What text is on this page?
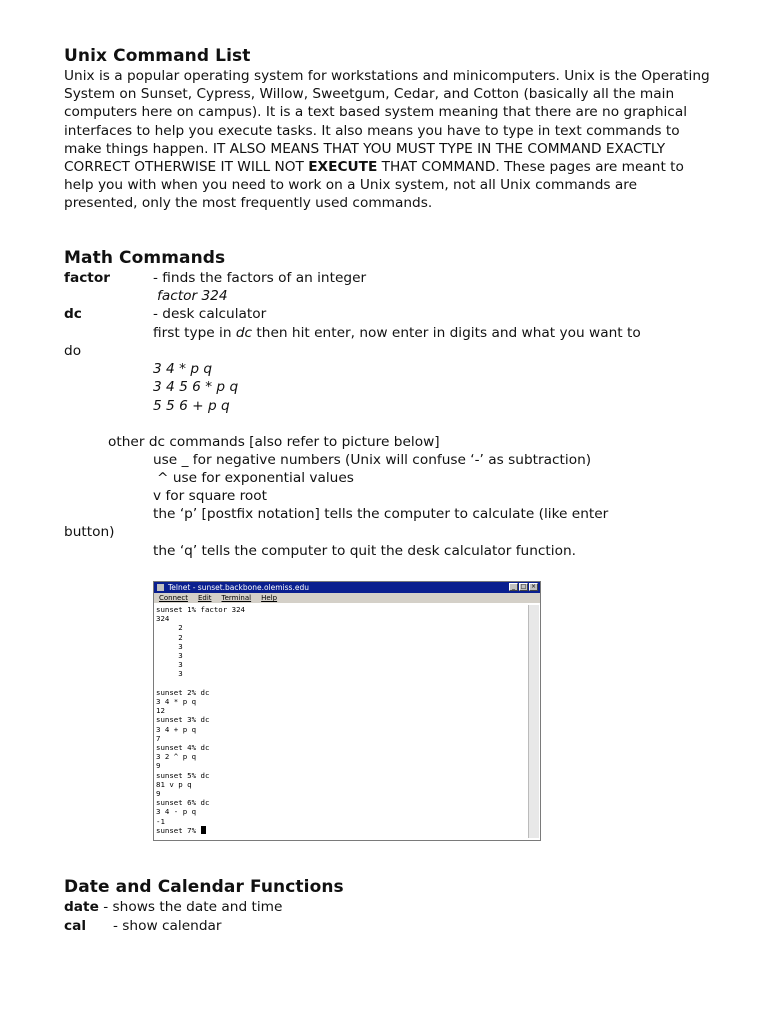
Unix Command List

Unix is a popular operating system for workstations and minicomputers. Unix is the Operating System on Sunset, Cypress, Willow, Sweetgum, Cedar, and Cotton (basically all the main computers here on campus). It is a text based system meaning that there are no graphical interfaces to help you execute tasks. It also means you have to type in text commands to make things happen. IT ALSO MEANS THAT YOU MUST TYPE IN THE COMMAND EXACTLY CORRECT OTHERWISE IT WILL NOT EXECUTE THAT COMMAND. These pages are meant to help you with when you need to work on a Unix system, not all Unix commands are presented, only the most frequently used commands.

Math Commands
factor	- finds the factors of an integer
factor 324
dc	- desk calculator
first type in dc then hit enter, now enter in digits and what you want to
do
3 4 * p q
3 4 5 6 * p q
5 5 6 + p q
other dc commands [also refer to picture below]
use _ for negative numbers (Unix will confuse ‘-’ as subtraction)
^ use for exponential values
v for square root
the ‘p’ [postfix notation] tells the computer to calculate (like enter
button)
the ‘q’ tells the computer to quit the desk calculator function.
Telnet - sunset.backbone.olemiss.edu	_ □ ×
Connect Edit Terminal Help
sunset 1% factor 324
324
2
2
3
3
3
3

sunset 2% dc
3 4 * p q
12
sunset 3% dc
3 4 + p q
7
sunset 4% dc
3 2 ^ p q
9
sunset 5% dc
81 v p q
9
sunset 6% dc
3 4 - p q
-1
sunset 7%
Date and Calendar Functions
date - shows the date and time
cal - show calendar
